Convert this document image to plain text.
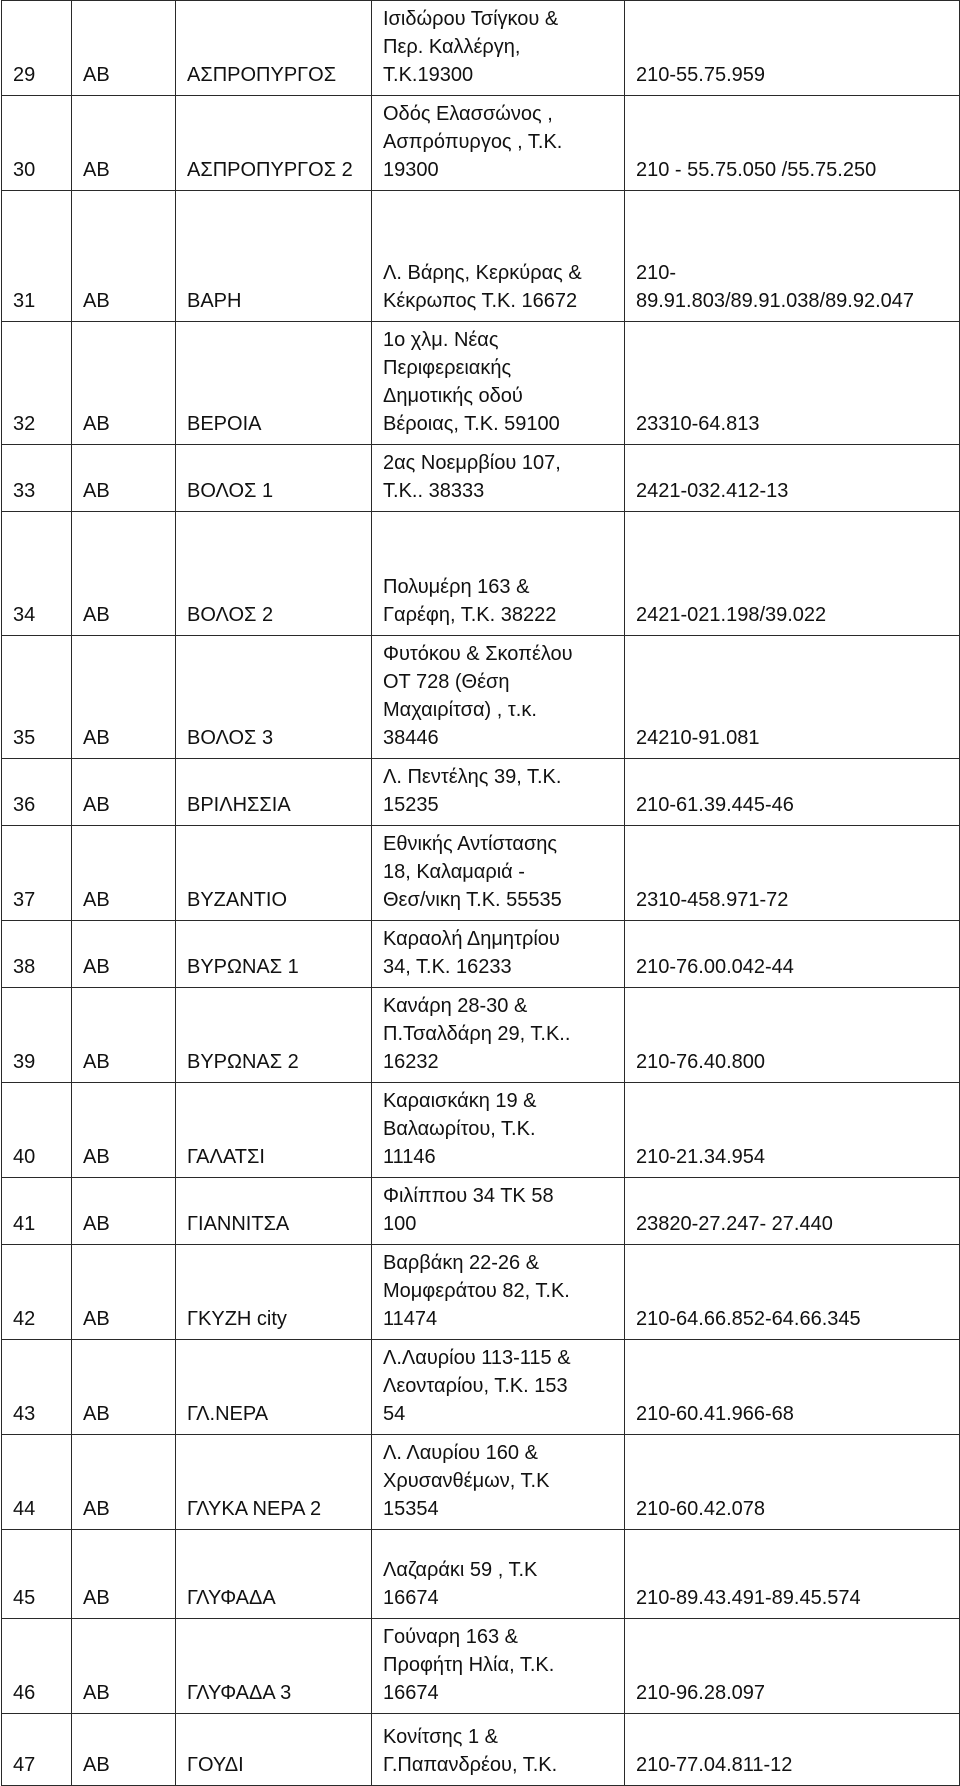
29	AB	ΑΣΠΡΟΠΥΡΓΟΣ	Ισιδώρου Τσίγκου &
Περ. Καλλέργη,
Τ.Κ.19300	210-55.75.959
30	AB	ΑΣΠΡΟΠΥΡΓΟΣ 2	Οδός Ελασσώνος ,
Ασπρόπυργος , Τ.Κ.
19300	210 - 55.75.050 /55.75.250
31	AB	ΒΑΡΗ	Λ. Βάρης, Κερκύρας &
Κέκρωπος Τ.Κ. 16672	210-
89.91.803/89.91.038/89.92.047
32	AB	ΒΕΡΟΙΑ	1ο χλμ. Νέας
Περιφερειακής
Δημοτικής οδού
Βέροιας, Τ.Κ. 59100	23310-64.813
33	AB	ΒΟΛΟΣ 1	2ας Νοεμρβίου 107,
Τ.Κ.. 38333	2421-032.412-13
34	AB	ΒΟΛΟΣ 2	Πολυμέρη 163 &
Γαρέφη, Τ.Κ. 38222	2421-021.198/39.022
35	AB	ΒΟΛΟΣ 3	Φυτόκου & Σκοπέλου
ΟΤ 728 (Θέση
Μαχαιρίτσα) , τ.κ.
38446	24210-91.081
36	AB	ΒΡΙΛΗΣΣΙΑ	Λ. Πεντέλης 39, Τ.Κ.
15235	210-61.39.445-46
37	AB	ΒΥΖΑΝΤΙΟ	Εθνικής Αντίστασης
18, Καλαμαριά -
Θεσ/νικη Τ.Κ. 55535	2310-458.971-72
38	AB	ΒΥΡΩΝΑΣ 1	Καραολή Δημητρίου
34, Τ.Κ. 16233	210-76.00.042-44
39	AB	ΒΥΡΩΝΑΣ 2	Κανάρη 28-30 &
Π.Τσαλδάρη 29, Τ.Κ..
16232	210-76.40.800
40	AB	ΓΑΛΑΤΣΙ	Καραισκάκη 19 &
Βαλαωρίτου, Τ.Κ.
11146	210-21.34.954
41	AB	ΓΙΑΝΝΙΤΣΑ	Φιλίππου 34 ΤΚ 58
100	23820-27.247- 27.440
42	AB	ΓΚΥΖΗ city	Βαρβάκη 22-26 &
Μομφεράτου 82, Τ.Κ.
11474	210-64.66.852-64.66.345
43	AB	ΓΛ.ΝΕΡΑ	Λ.Λαυρίου 113-115 &
Λεονταρίου, Τ.Κ. 153
54	210-60.41.966-68
44	AB	ΓΛΥΚΑ ΝΕΡΑ 2	Λ. Λαυρίου 160 &
Χρυσανθέμων, Τ.Κ
15354	210-60.42.078
45	AB	ΓΛΥΦΑΔΑ	Λαζαράκι 59 , Τ.Κ
16674	210-89.43.491-89.45.574
46	AB	ΓΛΥΦΑΔΑ 3	Γούναρη 163 &
Προφήτη Ηλία, Τ.Κ.
16674	210-96.28.097
47	AB	ΓΟΥΔΙ	Κονίτσης 1 &
Γ.Παπανδρέου, Τ.Κ.	210-77.04.811-12
